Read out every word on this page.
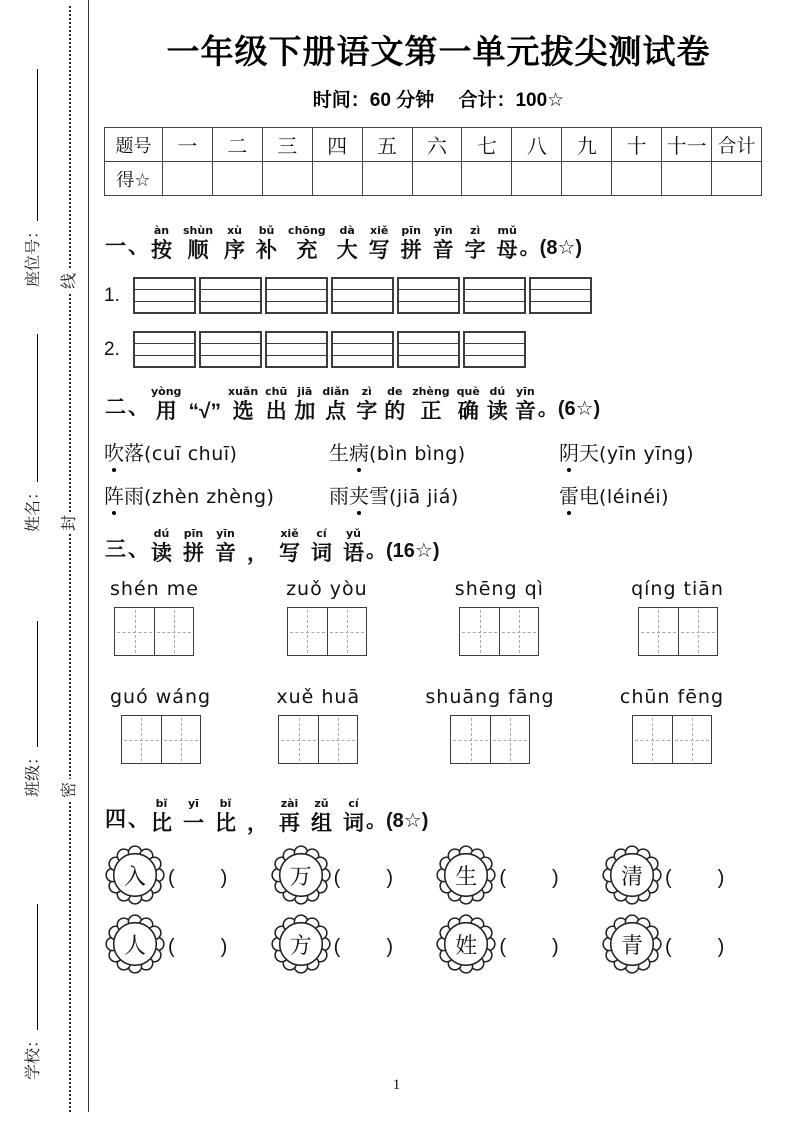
座位号：
姓名：
班级：
学校：
线
封
密
一年级下册语文第一单元拔尖测试卷
时间：60 分钟　 合计：100☆
题号	一	二	三	四	五	六	七	八	九	十 十一 合计
得☆
一、
àn
按
shùn
顺
xù
序
bǔ
补
chōng
充
dà
大
xiě
写
pīn
拼
yīn
音
zì
字
mǔ
母 。(8☆)
1.
2.
二、
yòng
用 “√”
xuǎn
选
chū
出
jiā
加
diǎn
点
zì
字
de
的
zhèng
正
què
确
dú
读
yīn
音 。(6☆)
吹落 (cuī chuī)	生病 (bìn bìng)	阴天 (yīn yīng)
阵雨 (zhèn zhèng)	雨夹雪 (jiā jiá)	雷电 (léinéi)
三、
dú
读
pīn
拼
yīn
音 ，
xiě
写
cí
词
yǔ
语 。(16☆)
shén me	zuǒ yòu	shēng qì	qíng tiān
guó wáng	xuě huā	shuāng fāng	chūn fēng
四、
bǐ
比
yī
一
bǐ
比 ，
zài
再
zǔ
组
cí
词 。(8☆)
入	(　　)	万	(　　)	生	(　　)	清	(　　)
人	(　　)	方	(　　)	姓	(　　)	青	(　　)
1
